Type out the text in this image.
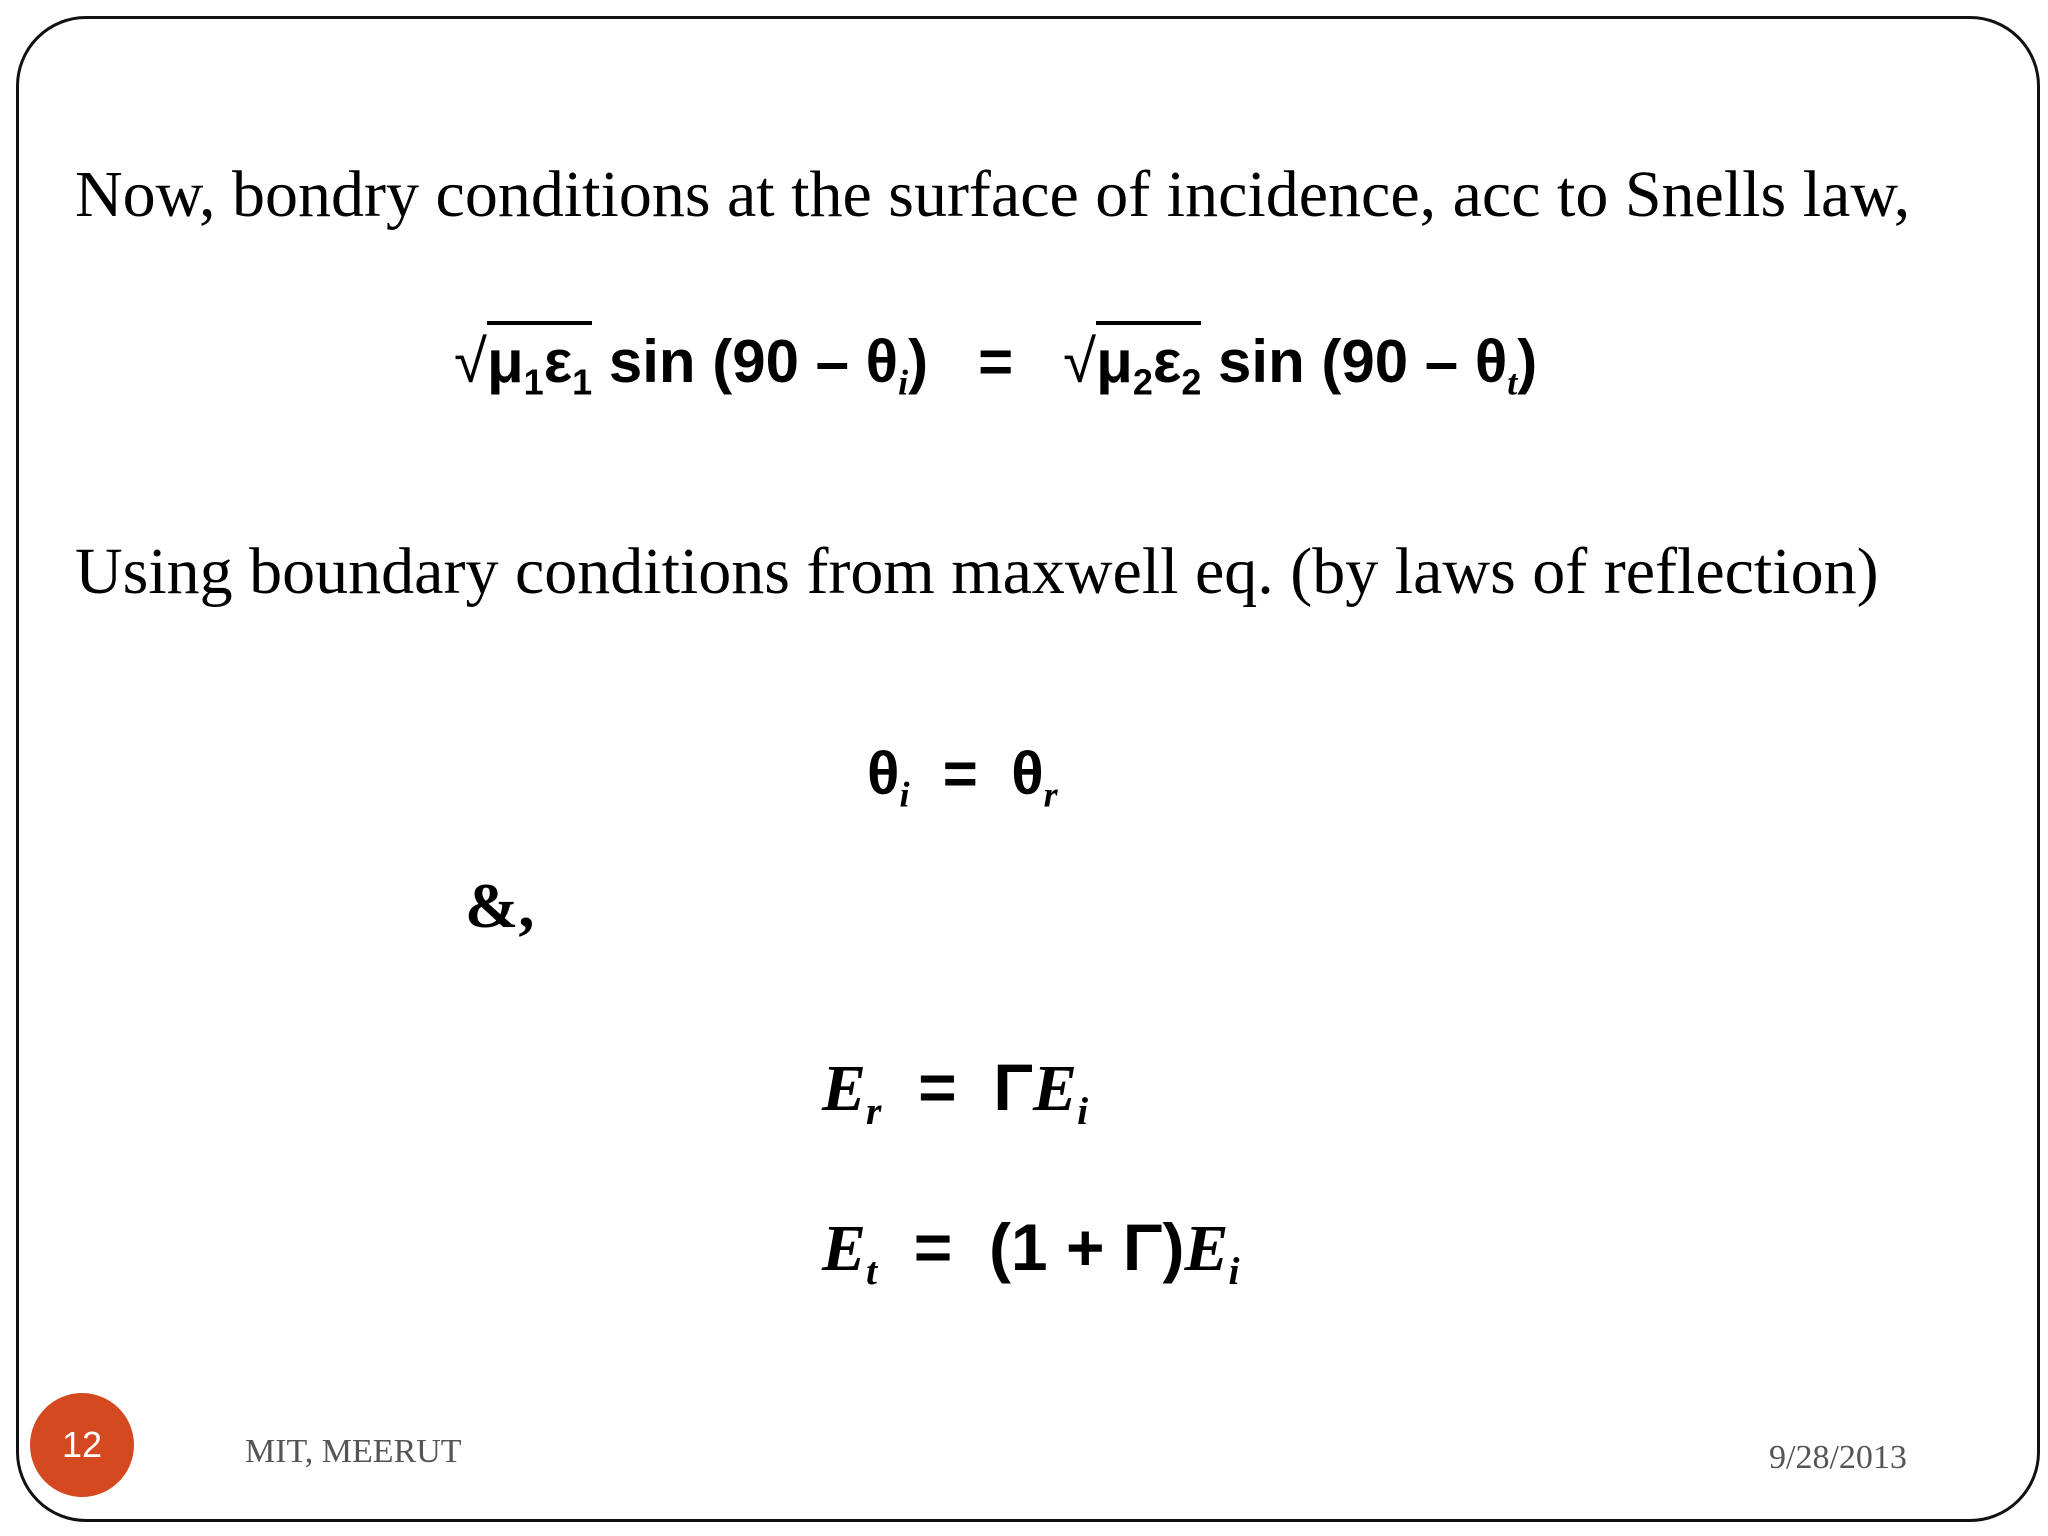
Now, bondry conditions at the surface of incidence, acc to Snells law,
$√\mu_1\varepsilon_1$ $\sin (90 - \theta_i) = √\mu_2\varepsilon_2$ $\sin (90 - \theta_t)$
Using boundary conditions from maxwell eq. (by laws of reflection)
$\theta_i = \theta_r$
&,
$E_r = \Gamma E_i$
$E_t = (1 + \Gamma)E_i$
MIT, MEERUT	9/28/2013
12
